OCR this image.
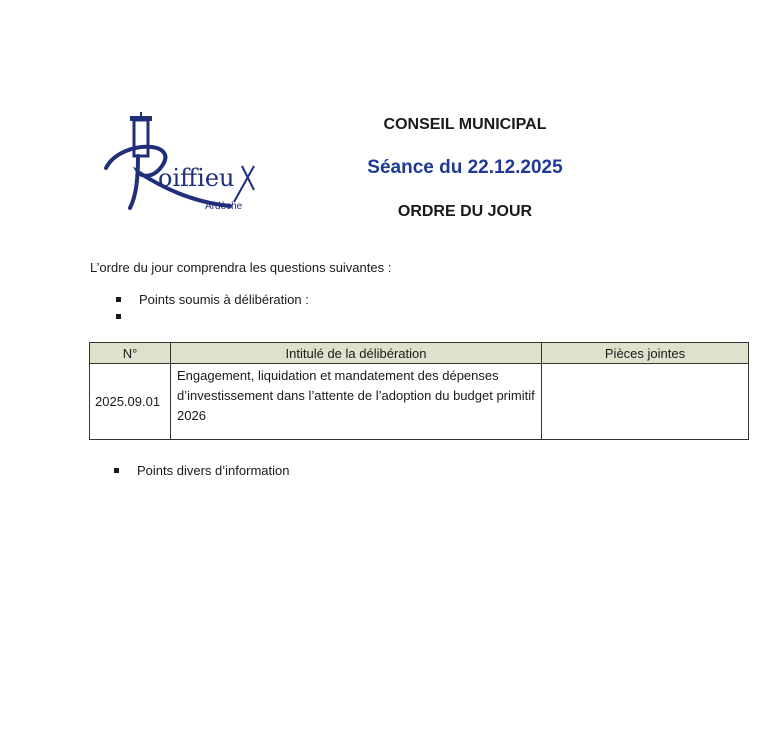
oiffieu
Ardèche
CONSEIL MUNICIPAL
Séance du 22.12.2025
ORDRE DU JOUR
L’ordre du jour comprendra les questions suivantes :
Points soumis à délibération :
N°	Intitulé de la délibération	Pièces jointes
2025.09.01	Engagement, liquidation et mandatement des dépenses d’investissement dans l’attente de l’adoption du budget primitif 2026	
Points divers d’information
